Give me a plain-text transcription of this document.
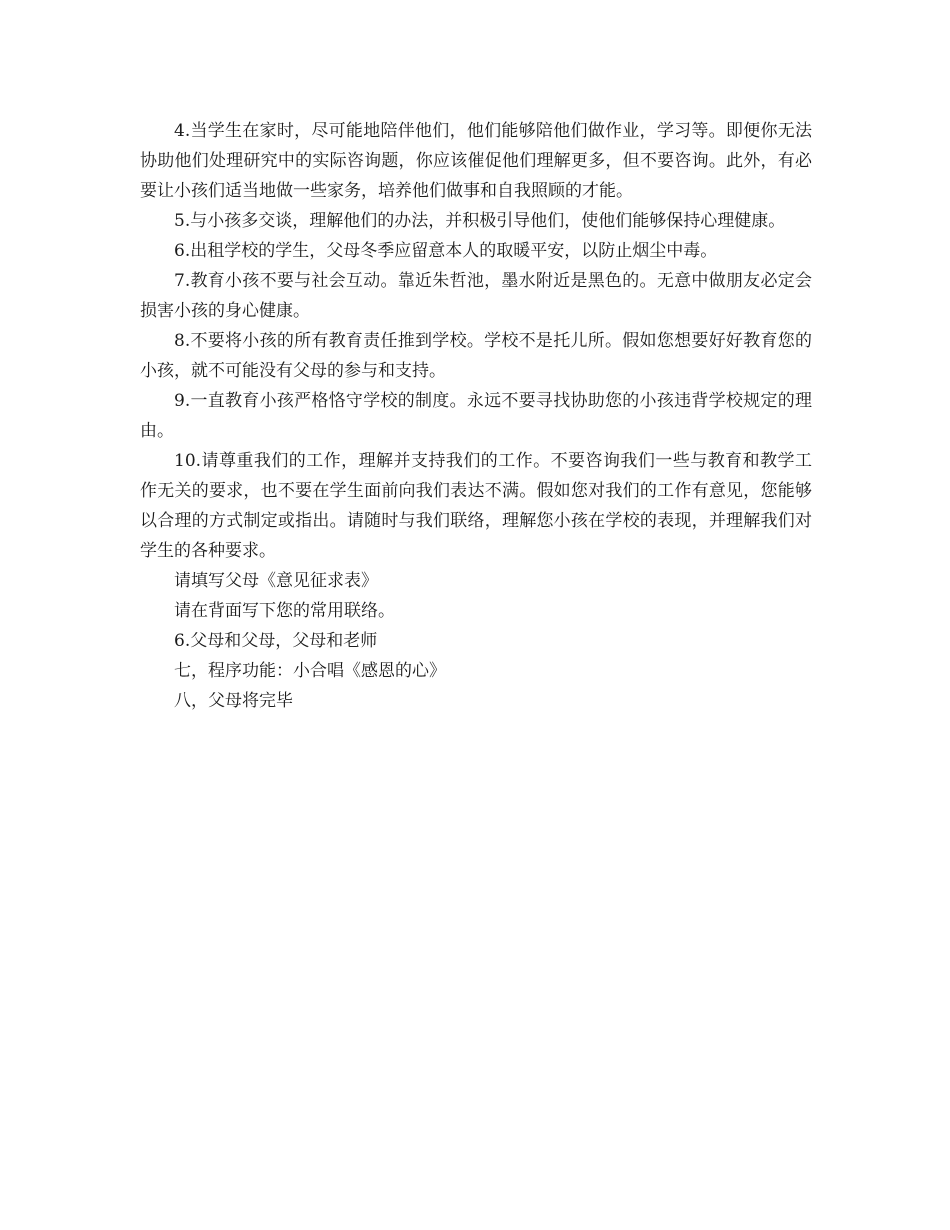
4.当学生在家时，尽可能地陪伴他们，他们能够陪他们做作业，学习等。即便你无法协助他们处理研究中的实际咨询题，你应该催促他们理解更多，但不要咨询。此外，有必要让小孩们适当地做一些家务，培养他们做事和自我照顾的才能。

5.与小孩多交谈，理解他们的办法，并积极引导他们，使他们能够保持心理健康。

6.出租学校的学生，父母冬季应留意本人的取暖平安，以防止烟尘中毒。

7.教育小孩不要与社会互动。靠近朱哲池，墨水附近是黑色的。无意中做朋友必定会损害小孩的身心健康。

8.不要将小孩的所有教育责任推到学校。学校不是托儿所。假如您想要好好教育您的小孩，就不可能没有父母的参与和支持。

9.一直教育小孩严格恪守学校的制度。永远不要寻找协助您的小孩违背学校规定的理由。

10.请尊重我们的工作，理解并支持我们的工作。不要咨询我们一些与教育和教学工作无关的要求，也不要在学生面前向我们表达不满。假如您对我们的工作有意见，您能够以合理的方式制定或指出。请随时与我们联络，理解您小孩在学校的表现，并理解我们对学生的各种要求。

请填写父母《意见征求表》

请在背面写下您的常用联络。

6.父母和父母，父母和老师

七，程序功能：小合唱《感恩的心》

八，父母将完毕
